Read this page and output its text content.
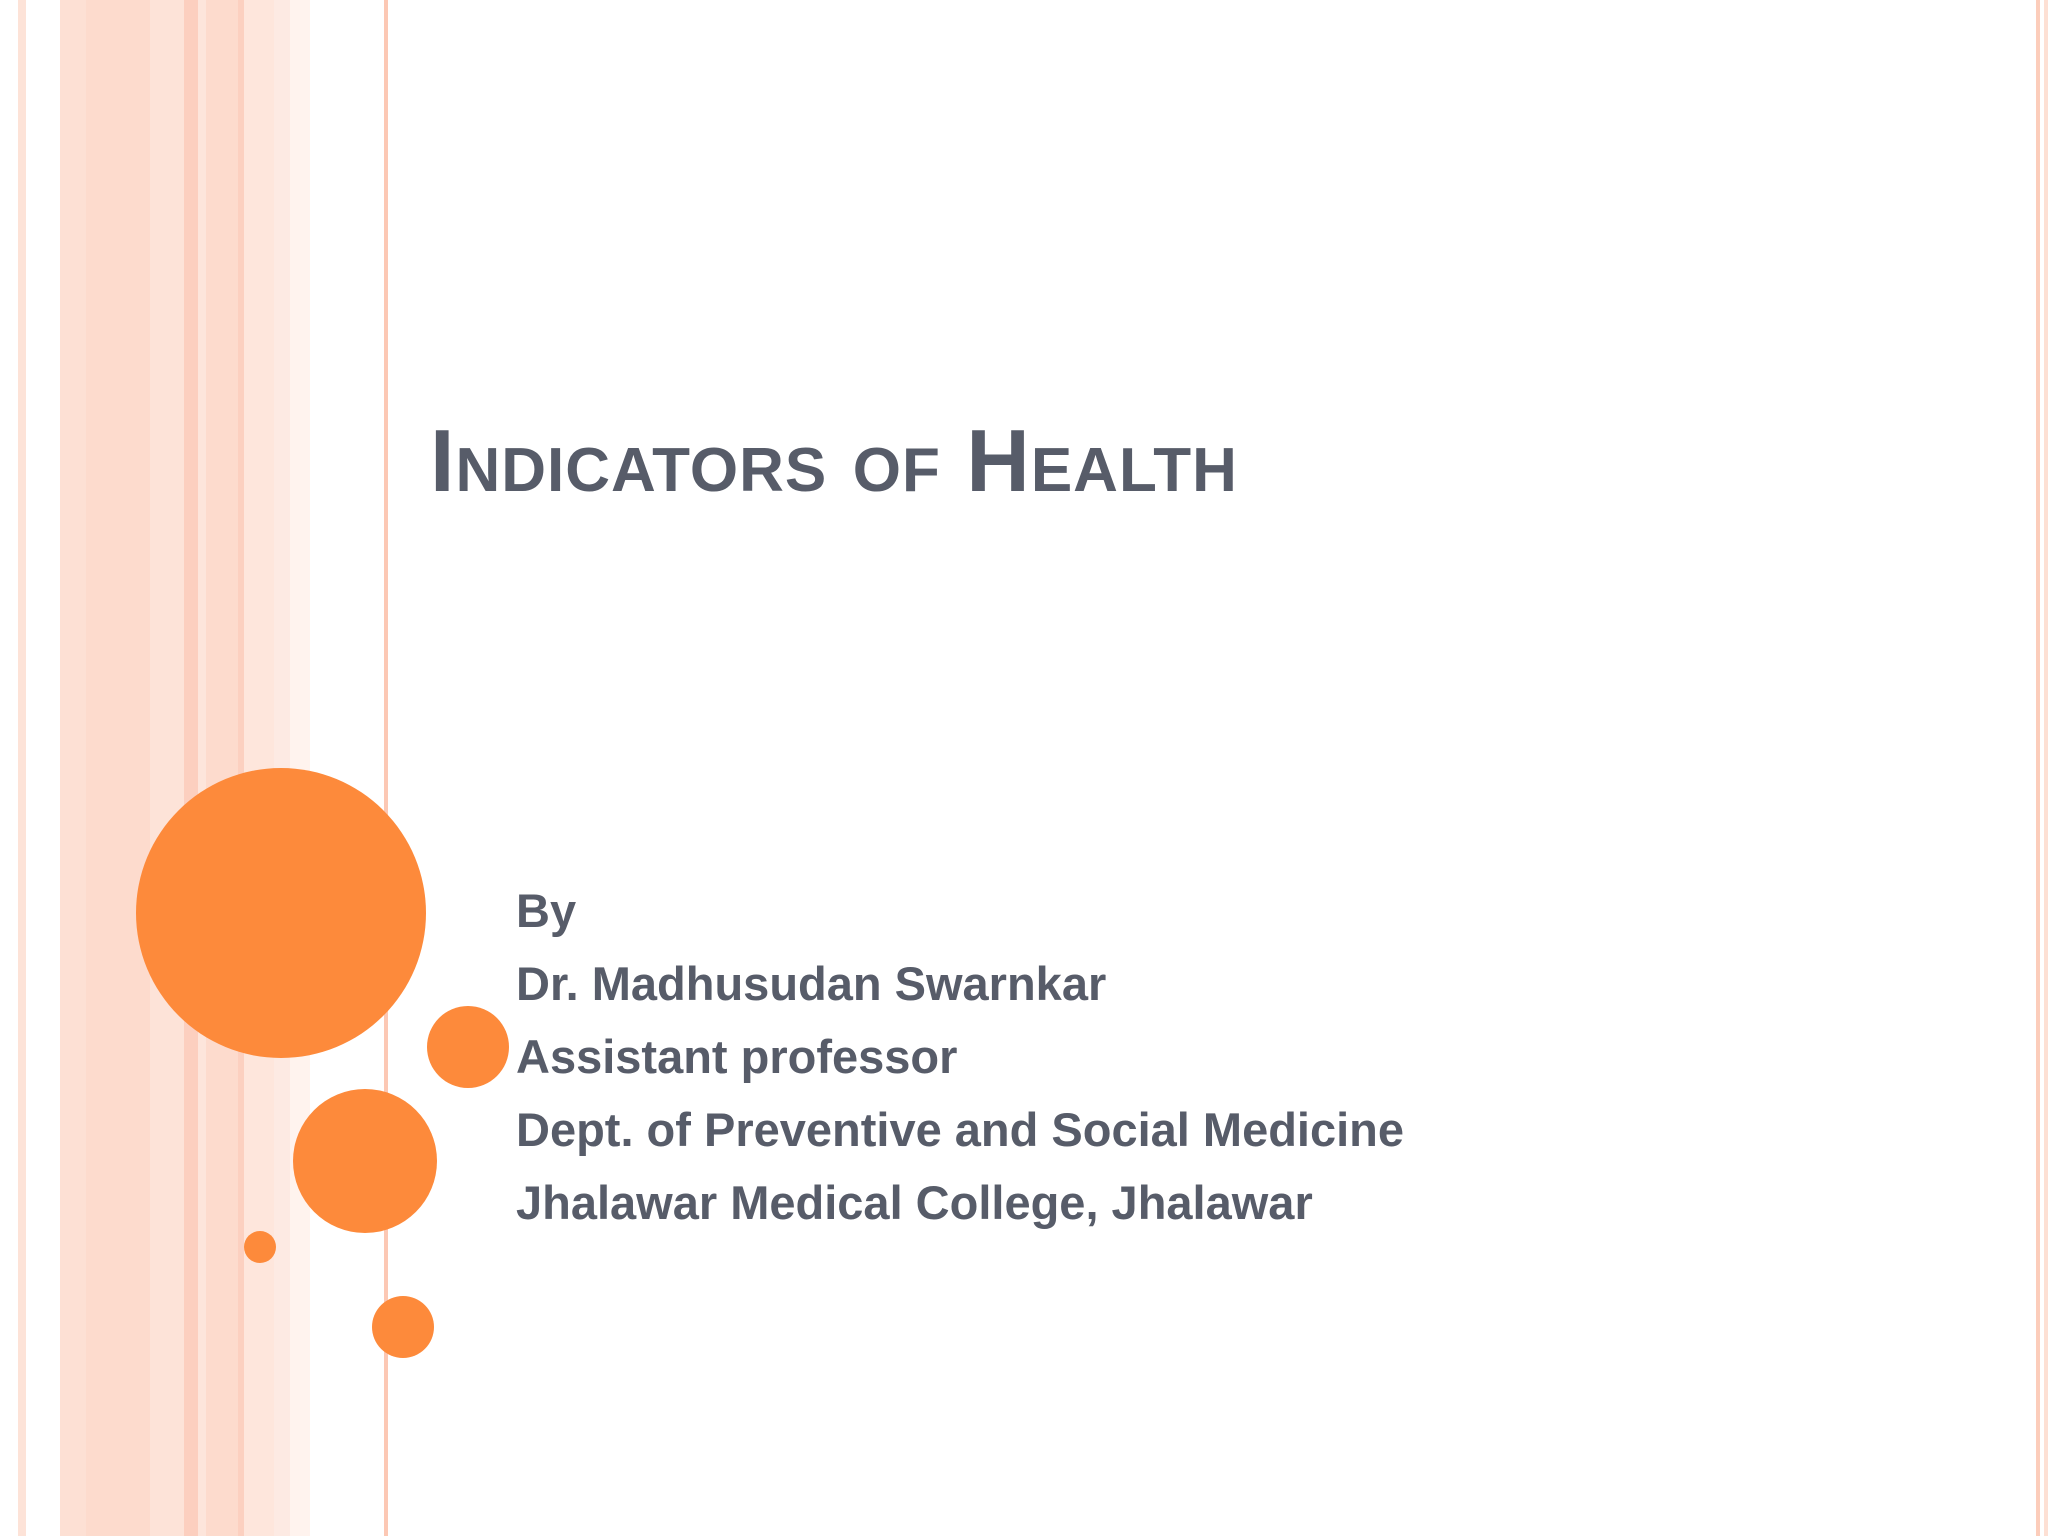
Indicators of Health
By
Dr. Madhusudan Swarnkar
Assistant professor
Dept. of Preventive and Social Medicine
Jhalawar Medical College, Jhalawar
